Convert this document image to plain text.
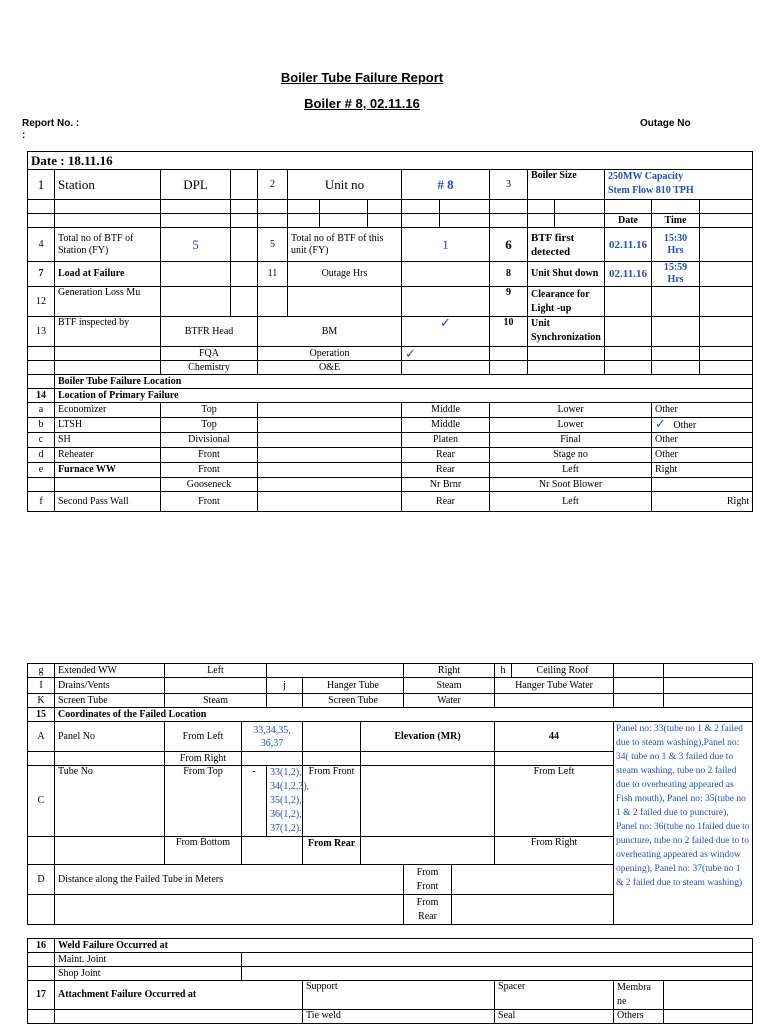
Boiler Tube Failure Report
Boiler # 8, 02.11.16
Report No. :
:
Outage No
Date : 18.11.16															
1	Station	DPL		2	Unit no			# 8		3	Boiler Size		250MW Capacity
Stem Flow 810 TPH		

													Date	Time	
4	Total no of BTF of Station (FY)	5		5	Total no of BTF of this unit (FY)			1		6	BTF first detected		02.11.16	15:30 Hrs	
7	Load at Failure			11	Outage Hrs					8	Unit Shut down		02.11.16	15:59 Hrs	
12	Generation Loss Mu									9	Clearance for Light -up				
13	BTF inspected by	BTFR Head		BM				✓		10	Unit Synchronization				
		FQA		Operation				✓							
		Chemistry		O&E											
	Boiler Tube Failure Location														
14	Location of Primary Failure														
a	Economizer	Top						Middle		Lower				Other	
b	LTSH	Top						Middle		Lower				✓ Other	
c	SH	Divisional						Platen		Final				Other	
d	Reheater	Front						Rear		Stage no				Other	
e	Furnace WW	Front						Rear		Left				Right	
		Gooseneck						Nr Brnr		Nr Soot Blower					
f	Second Pass Wall	Front						Rear		Left				Right	
g	Extended WW	Left					Right		h	Ceiling Roof		
I	Drains/Vents			j	Hanger Tube		Steam		Hanger Tube Water			
K	Screen Tube	Steam			Screen Tube		Water					
15	Coordinates of the Failed Location											
A	Panel No	From Left	33,34,35, 36,37			Elevation (MR)			44		Panel no: 33(tube no 1 & 2 failed due to steam washing),Panel no: 34( tube no 1 & 3 failed due to steam washing, tube no 2 failed due to overheating appeared as Fish mouth), Panel no: 35(tube no 1 & 2 failed due to puncture), Panel no: 36(tube no 1failed due to puncture, tube no 2 failed due to to overheating appeared as window opening), Panel no: 37(tube no 1 & 2 failed due to steam washing)	
		From Right										
C	Tube No	From Top	-	33(1,2), 34(1,2,3), 35(1,2), 36(1,2), 37(1,2).	From Front				From Left			
		From Bottom			From Rear				From Right			
D	Distance along the Failed Tube in Meters						From Front					
							From Rear					

16	Weld Failure Occurred at											
	Maint. Joint											
	Shop Joint											
17	Attachment Failure Occurred at				Support				Spacer		Membra ne	
					Tie weld				Seal		Others	
